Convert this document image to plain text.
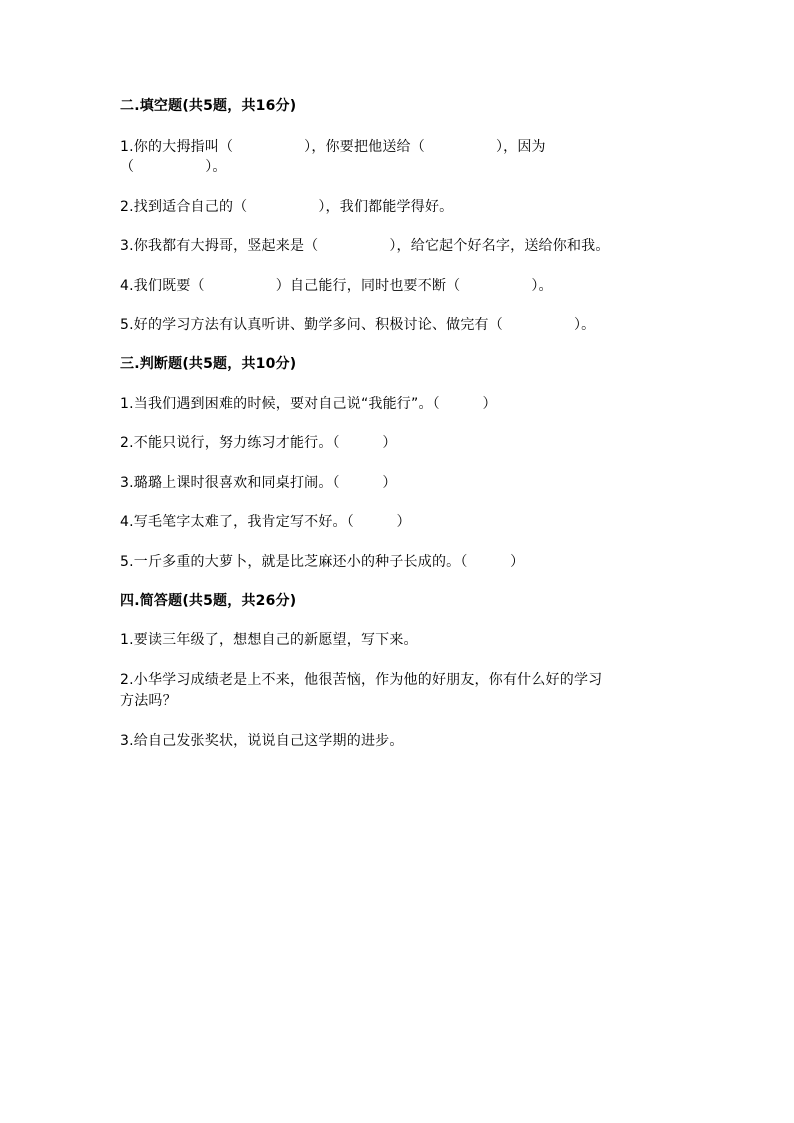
二.填空题(共5题，共16分)
1.你的大拇指叫（　　　　　），你要把他送给（　　　　　），因为
（　　　　　）。
2.找到适合自己的（　　　　　），我们都能学得好。
3.你我都有大拇哥，竖起来是（　　　　　），给它起个好名字，送给你和我。
4.我们既要（　　　　　）自己能行，同时也要不断（　　　　　）。
5.好的学习方法有认真听讲、勤学多问、积极讨论、做完有（　　　　　）。
三.判断题(共5题，共10分)
1.当我们遇到困难的时候，要对自己说“我能行”。（　　　）
2.不能只说行，努力练习才能行。（　　　）
3.璐璐上课时很喜欢和同桌打闹。（　　　）
4.写毛笔字太难了，我肯定写不好。（　　　）
5.一斤多重的大萝卜，就是比芝麻还小的种子长成的。（　　　）
四.简答题(共5题，共26分)
1.要读三年级了，想想自己的新愿望，写下来。
2.小华学习成绩老是上不来，他很苦恼，作为他的好朋友，你有什么好的学习
方法吗？
3.给自己发张奖状，说说自己这学期的进步。
